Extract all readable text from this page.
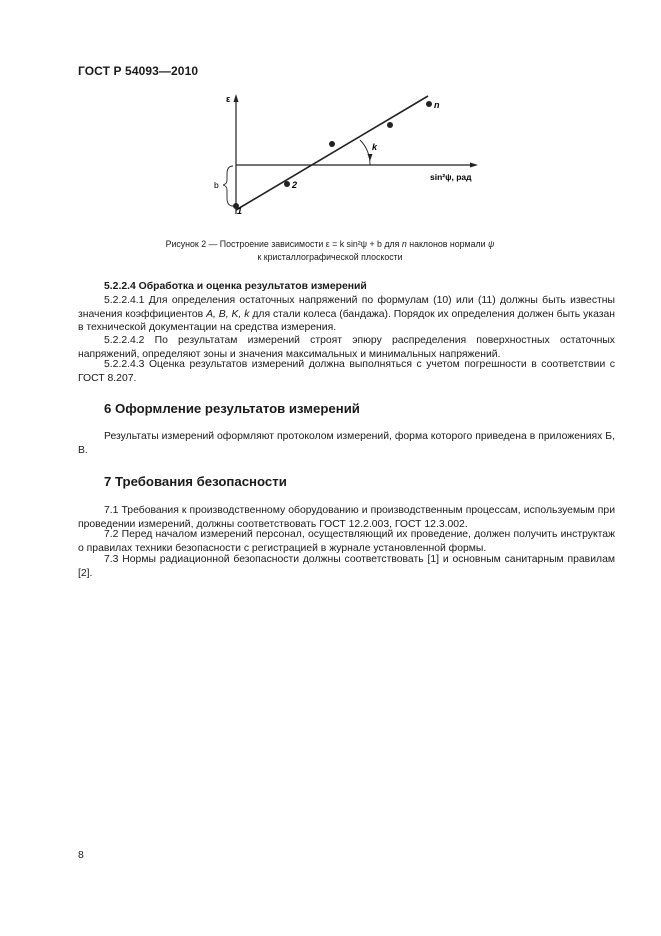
ГОСТ Р 54093—2010
ε
sin²ψ, рад
b
k
1
2
n
Рисунок 2 — Построение зависимости ε = k sin²ψ + b для n наклонов нормали ψ
к кристаллографической плоскости
5.2.2.4 Обработка и оценка результатов измерений
5.2.2.4.1 Для определения остаточных напряжений по формулам (10) или (11) должны быть известны значения коэффициентов A, B, K, k для стали колеса (бандажа). Порядок их определения должен быть указан в технической документации на средства измерения.
5.2.2.4.2 По результатам измерений строят эпюру распределения поверхностных остаточных напряжений, определяют зоны и значения максимальных и минимальных напряжений.
5.2.2.4.3 Оценка результатов измерений должна выполняться с учетом погрешности в соответствии с ГОСТ 8.207.
6 Оформление результатов измерений
Результаты измерений оформляют протоколом измерений, форма которого приведена в приложениях Б, В.
7 Требования безопасности
7.1 Требования к производственному оборудованию и производственным процессам, используемым при проведении измерений, должны соответствовать ГОСТ 12.2.003, ГОСТ 12.3.002.
7.2 Перед началом измерений персонал, осуществляющий их проведение, должен получить инструктаж о правилах техники безопасности с регистрацией в журнале установленной формы.
7.3 Нормы радиационной безопасности должны соответствовать [1] и основным санитарным правилам [2].
8
